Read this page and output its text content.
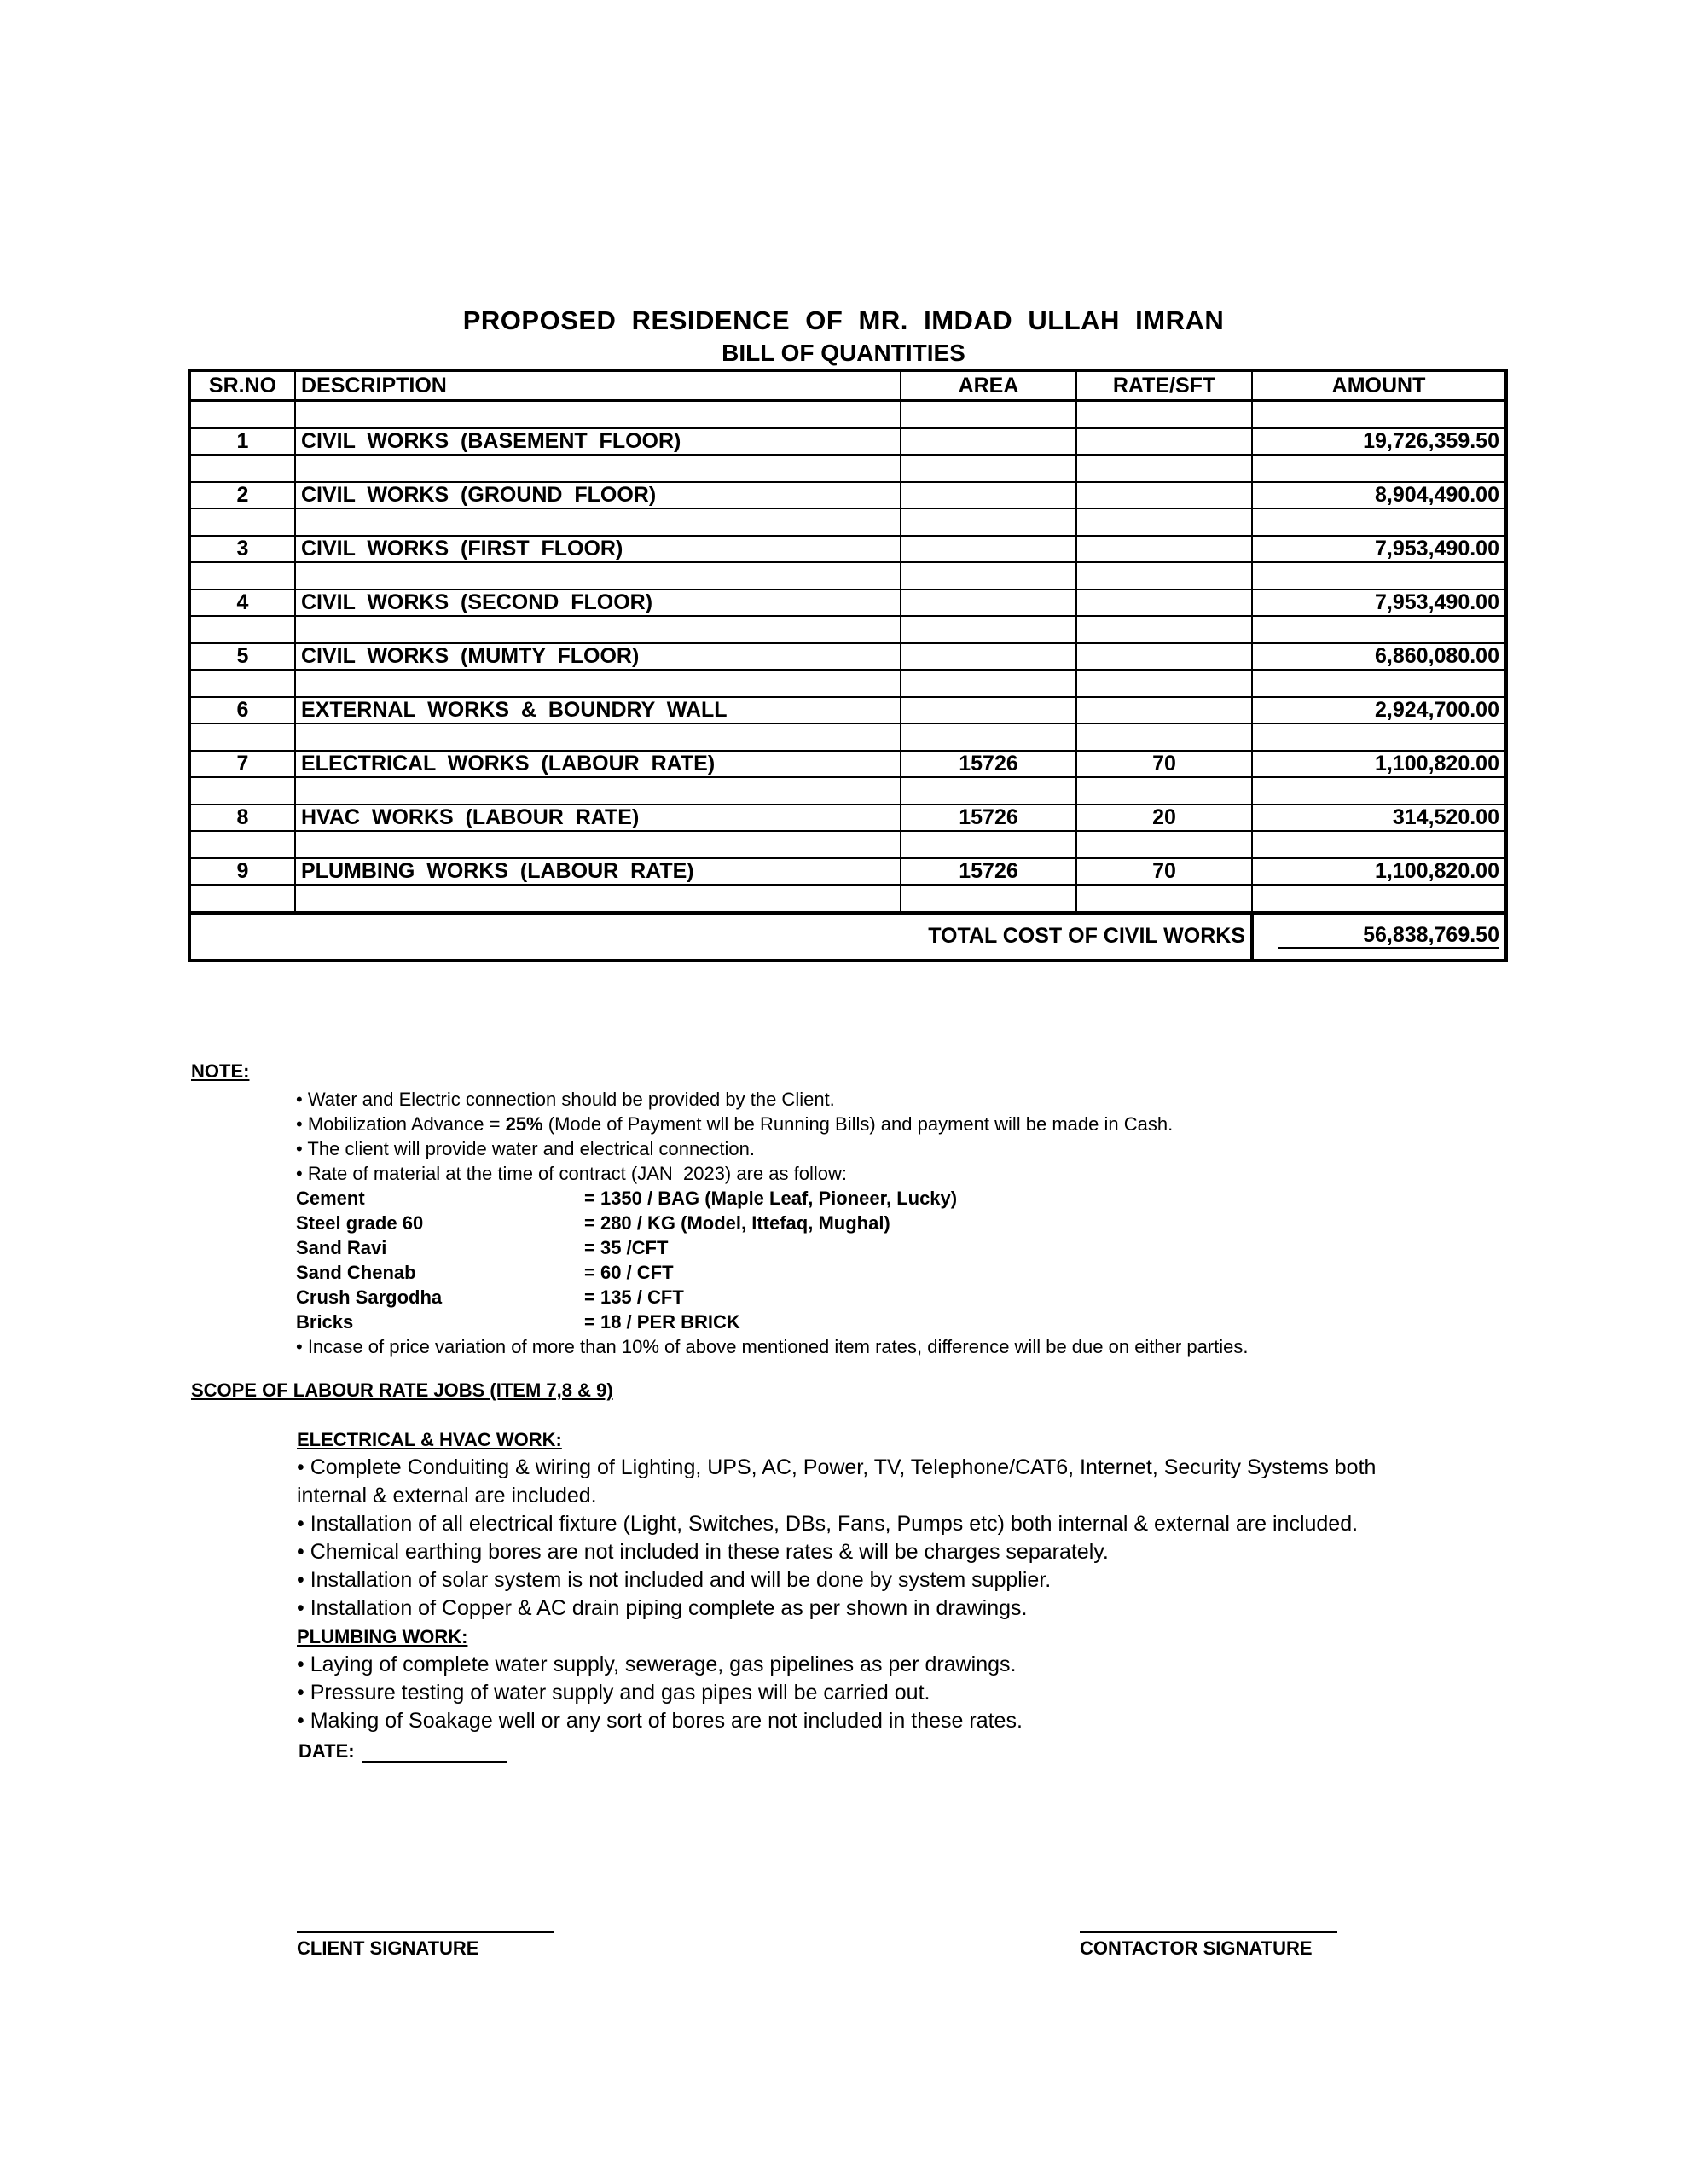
PROPOSED  RESIDENCE  OF  MR.  IMDAD  ULLAH  IMRAN
BILL OF QUANTITIES
SR.NO	DESCRIPTION	AREA	RATE/SFT	AMOUNT

1	CIVIL  WORKS  (BASEMENT  FLOOR)			19,726,359.50

2	CIVIL  WORKS  (GROUND  FLOOR)			8,904,490.00

3	CIVIL  WORKS  (FIRST  FLOOR)			7,953,490.00

4	CIVIL  WORKS  (SECOND  FLOOR)			7,953,490.00

5	CIVIL  WORKS  (MUMTY  FLOOR)			6,860,080.00

6	EXTERNAL  WORKS  &  BOUNDRY  WALL			2,924,700.00

7	ELECTRICAL  WORKS  (LABOUR  RATE)	15726	70	1,100,820.00

8	HVAC  WORKS  (LABOUR  RATE)	15726	20	314,520.00

9	PLUMBING  WORKS  (LABOUR  RATE)	15726	70	1,100,820.00

TOTAL COST OF CIVIL WORKS				56,838,769.50
NOTE:
• Water and Electric connection should be provided by the Client.
• Mobilization Advance = 25% (Mode of Payment wll be Running Bills) and payment will be made in Cash.
• The client will provide water and electrical connection.
• Rate of material at the time of contract (JAN  2023) are as follow:
Cement	= 1350 / BAG (Maple Leaf, Pioneer, Lucky)
Steel grade 60	= 280 / KG (Model, Ittefaq, Mughal)
Sand Ravi	= 35 /CFT
Sand Chenab	= 60 / CFT
Crush Sargodha	= 135 / CFT
Bricks	= 18 / PER BRICK
• Incase of price variation of more than 10% of above mentioned item rates, difference will be due on either parties.
SCOPE OF LABOUR RATE JOBS (ITEM 7,8 & 9)
ELECTRICAL & HVAC WORK:
• Complete Conduiting & wiring of Lighting, UPS, AC, Power, TV, Telephone/CAT6, Internet, Security Systems both
internal & external are included.
• Installation of all electrical fixture (Light, Switches, DBs, Fans, Pumps etc) both internal & external are included.
• Chemical earthing bores are not included in these rates & will be charges separately.
• Installation of solar system is not included and will be done by system supplier.
• Installation of Copper & AC drain piping complete as per shown in drawings.
PLUMBING WORK:
• Laying of complete water supply, sewerage, gas pipelines as per drawings.
• Pressure testing of water supply and gas pipes will be carried out.
• Making of Soakage well or any sort of bores are not included in these rates.
DATE:
CLIENT SIGNATURE	CONTACTOR SIGNATURE
